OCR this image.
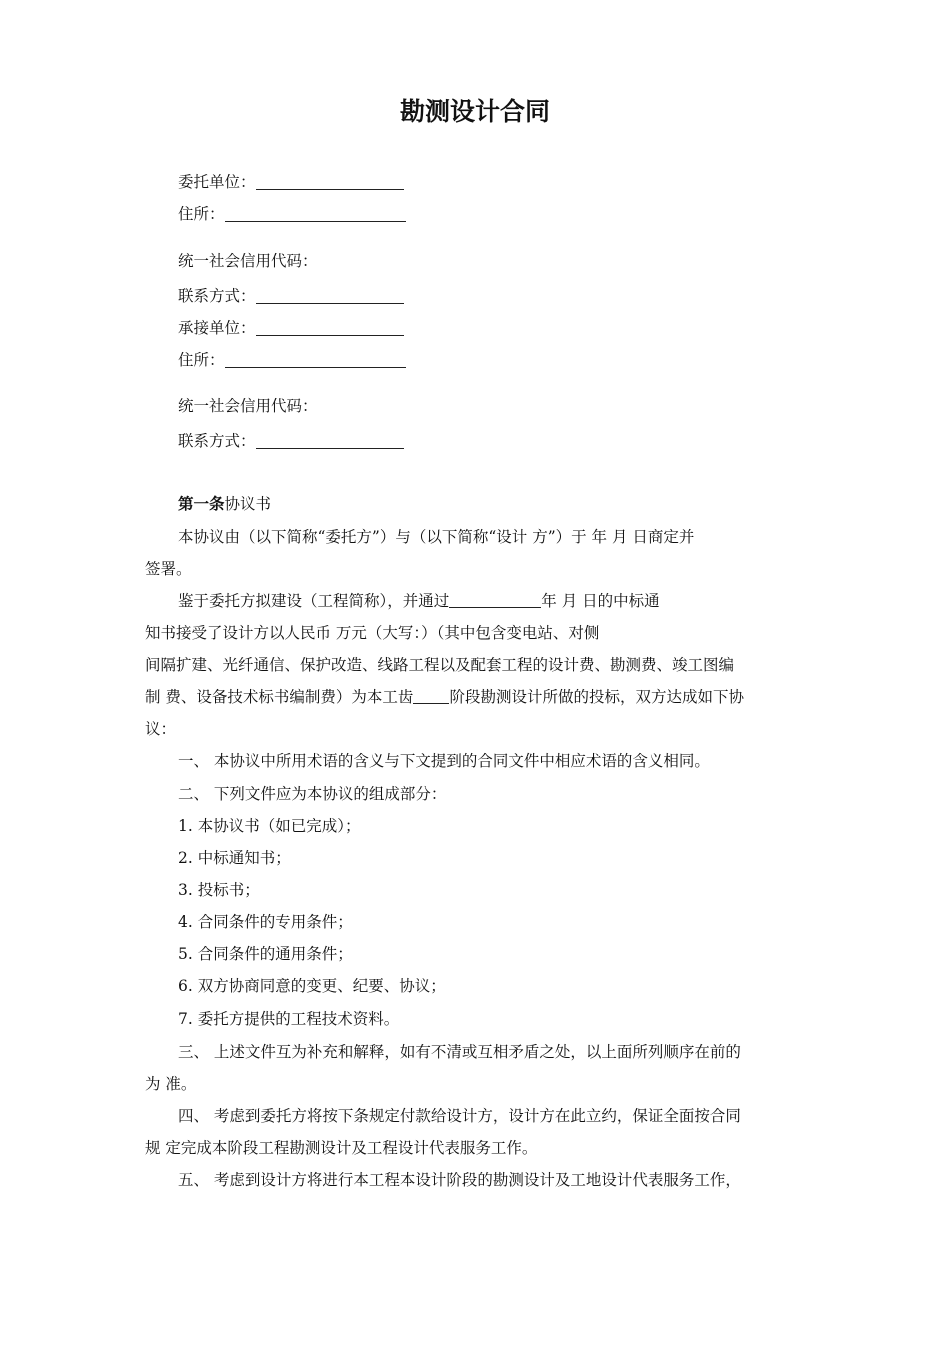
勘测设计合同
委托单位：
住所：
统一社会信用代码：
联系方式：
承接单位：
住所：
统一社会信用代码：
联系方式：
第一条协议书
本协议由（以下简称“委托方”）与（以下简称“设计 方”）于 年 月 日商定并
签署。
鉴于委托方拟建设（工程简称），并通过	年 月 日的中标通
知书接受了设计方以人民币 万元（大写：）（其中包含变电站、对侧
间隔扩建、光纤通信、保护改造、线路工程以及配套工程的设计费、勘测费、竣工图编
制 费、设备技术标书编制费）为本工齿 阶段勘测设计所做的投标，双方达成如下协
议：
一、 本协议中所用术语的含义与下文提到的合同文件中相应术语的含义相同。
二、 下列文件应为本协议的组成部分：
1. 本协议书（如已完成）；
2. 中标通知书；
3. 投标书；
4. 合同条件的专用条件；
5. 合同条件的通用条件；
6. 双方协商同意的变更、纪要、协议；
7. 委托方提供的工程技术资料。
三、 上述文件互为补充和解释，如有不清或互相矛盾之处，以上面所列顺序在前的
为 准。
四、 考虑到委托方将按下条规定付款给设计方，设计方在此立约，保证全面按合同
规 定完成本阶段工程勘测设计及工程设计代表服务工作。
五、 考虑到设计方将进行本工程本设计阶段的勘测设计及工地设计代表服务工作，
